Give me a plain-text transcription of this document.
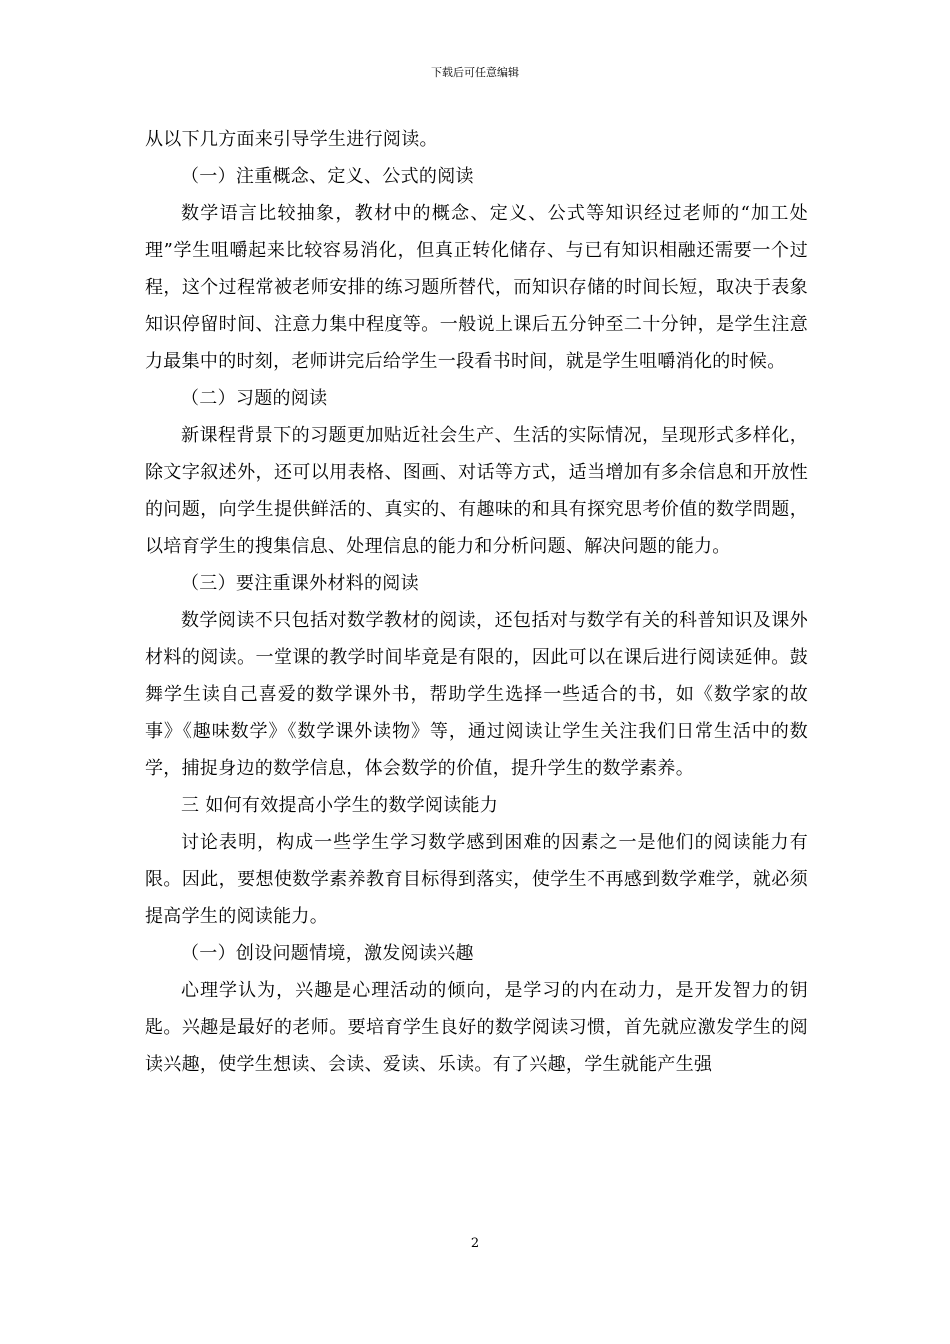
下载后可任意编辑

从以下几方面来引导学生进行阅读。

（一）注重概念、定义、公式的阅读

数学语言比较抽象，教材中的概念、定义、公式等知识经过老师的“加工处理”学生咀嚼起来比较容易消化，但真正转化储存、与已有知识相融还需要一个过程，这个过程常被老师安排的练习题所替代，而知识存储的时间长短，取决于表象知识停留时间、注意力集中程度等。一般说上课后五分钟至二十分钟，是学生注意力最集中的时刻，老师讲完后给学生一段看书时间，就是学生咀嚼消化的时候。

（二）习题的阅读

新课程背景下的习题更加贴近社会生产、生活的实际情况，呈现形式多样化，除文字叙述外，还可以用表格、图画、对话等方式，适当增加有多余信息和开放性的问题，向学生提供鲜活的、真实的、有趣味的和具有探究思考价值的数学問题，以培育学生的搜集信息、处理信息的能力和分析问题、解决问题的能力。

（三）要注重课外材料的阅读

数学阅读不只包括对数学教材的阅读，还包括对与数学有关的科普知识及课外材料的阅读。一堂课的教学时间毕竟是有限的，因此可以在课后进行阅读延伸。鼓舞学生读自己喜爱的数学课外书，帮助学生选择一些适合的书，如《数学家的故事》《趣味数学》《数学课外读物》等，通过阅读让学生关注我们日常生活中的数学，捕捉身边的数学信息，体会数学的价值，提升学生的数学素养。

三 如何有效提高小学生的数学阅读能力

讨论表明，构成一些学生学习数学感到困难的因素之一是他们的阅读能力有限。因此，要想使数学素养教育目标得到落实，使学生不再感到数学难学，就必须提高学生的阅读能力。

（一）创设问题情境，激发阅读兴趣

心理学认为，兴趣是心理活动的倾向，是学习的内在动力，是开发智力的钥匙。兴趣是最好的老师。要培育学生良好的数学阅读习惯，首先就应激发学生的阅读兴趣，使学生想读、会读、爱读、乐读。有了兴趣，学生就能产生强

2
